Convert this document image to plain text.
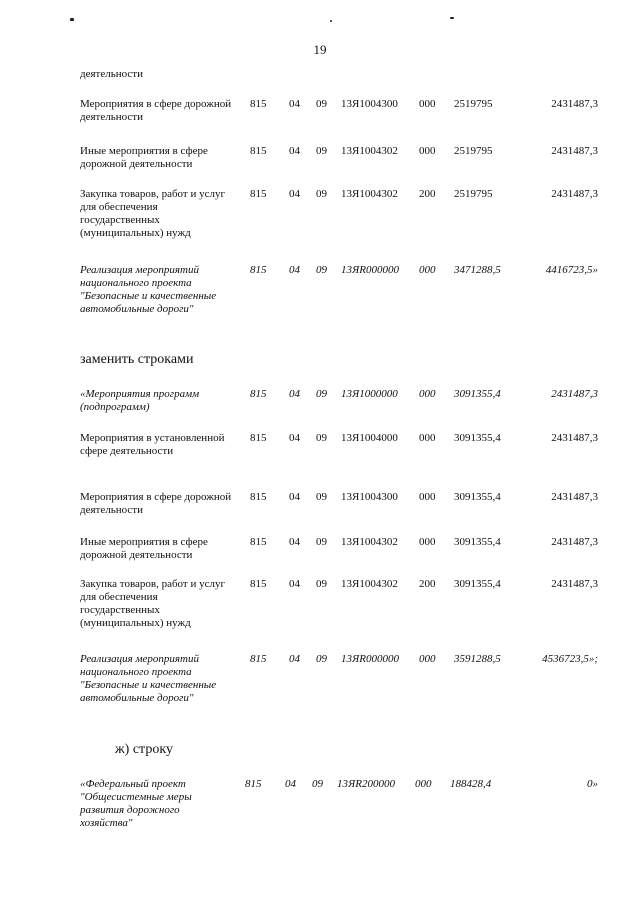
19
деятельности
Мероприятия в сфере дорожной деятельности
815 04 09 13Я1004300 000 2519795	2431487,3
Иные мероприятия в сфере дорожной деятельности
815 04 09 13Я1004302 000 2519795	2431487,3
Закупка товаров, работ и услуг для обеспечения государственных (муниципальных) нужд
815 04 09 13Я1004302 200 2519795	2431487,3
Реализация мероприятий национального проекта "Безопасные и качественные автомобильные дороги"
815 04 09 13ЯR000000 000 3471288,5	4416723,5»
заменить строками
«Мероприятия программ (подпрограмм)
815 04 09 13Я1000000 000 3091355,4	2431487,3
Мероприятия в установленной сфере деятельности
815 04 09 13Я1004000 000 3091355,4	2431487,3
Мероприятия в сфере дорожной деятельности
815 04 09 13Я1004300 000 3091355,4	2431487,3
Иные мероприятия в сфере дорожной деятельности
815 04 09 13Я1004302 000 3091355,4	2431487,3
Закупка товаров, работ и услуг для обеспечения государственных (муниципальных) нужд
815 04 09 13Я1004302 200 3091355,4	2431487,3
Реализация мероприятий национального проекта "Безопасные и качественные автомобильные дороги"
815 04 09 13ЯR000000 000 3591288,5	4536723,5»;
ж) строку
«Федеральный проект "Общесистемные меры развития дорожного хозяйства"
815 04 09 13ЯR200000 000 188428,4	0»
